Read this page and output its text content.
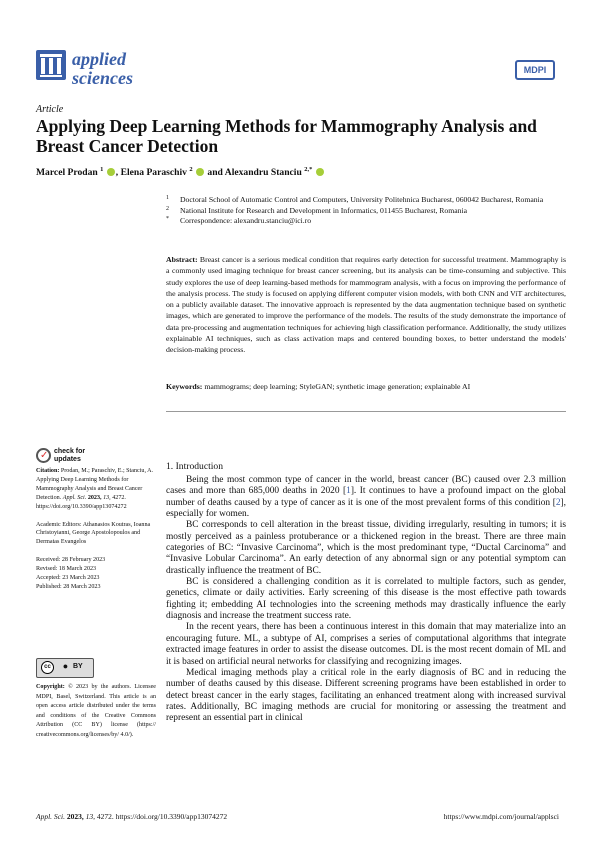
applied
sciences	MDPI
Article
Applying Deep Learning Methods for Mammography Analysis and Breast Cancer Detection
Marcel Prodan $^1$ , Elena Paraschiv $^2$  and Alexandru Stanciu $^{2,*}$
1 Doctoral School of Automatic Control and Computers, University Politehnica Bucharest, 060042 Bucharest, Romania
2 National Institute for Research and Development in Informatics, 011455 Bucharest, Romania
* Correspondence: alexandru.stanciu@ici.ro
Abstract: Breast cancer is a serious medical condition that requires early detection for successful treatment. Mammography is a commonly used imaging technique for breast cancer screening, but its analysis can be time-consuming and subjective. This study explores the use of deep learning-based methods for mammogram analysis, with a focus on improving the performance of the analysis process. The study is focused on applying different computer vision models, with both CNN and ViT architectures, on a publicly available dataset. The innovative approach is represented by the data augmentation technique based on synthetic images, which are generated to improve the performance of the models. The results of the study demonstrate the importance of data pre-processing and augmentation techniques for achieving high classification performance. Additionally, the study utilizes explainable AI techniques, such as class activation maps and centered bounding boxes, to better understand the models' decision-making process.
Keywords: mammograms; deep learning; StyleGAN; synthetic image generation; explainable AI
✓ check for
updates

Citation: Prodan, M.; Paraschiv, E.; Stanciu, A. Applying Deep Learning Methods for Mammography Analysis and Breast Cancer Detection. Appl. Sci. 2023, 13, 4272. https://doi.org/10.3390/app13074272

Academic Editors: Athanasios Koutras, Ioanna Christoyianni, George Apostolopoulos and Dermatas Evangelos

Received: 28 February 2023

Revised: 18 March 2023

Accepted: 23 March 2023

Published: 28 March 2023

cc	● BY
Copyright: © 2023 by the authors. Licensee MDPI, Basel, Switzerland. This article is an open access article distributed under the terms and conditions of the Creative Commons Attribution (CC BY) license (https:// creativecommons.org/licenses/by/ 4.0/).
1. Introduction

Being the most common type of cancer in the world, breast cancer (BC) caused over 2.3 million cases and more than 685,000 deaths in 2020 [1]. It continues to have a profound impact on the global number of deaths caused by a type of cancer as it is one of the most prevalent forms of this condition [2], especially for women.

BC corresponds to cell alteration in the breast tissue, dividing irregularly, resulting in tumors; it is mostly perceived as a painless protuberance or a thickened region in the breast. There are three main categories of BC: “Invasive Carcinoma”, which is the most predominant type, “Ductal Carcinoma” and “Invasive Lobular Carcinoma”. An early detection of any abnormal sign or any potential symptom can drastically influence the treatment of BC.

BC is considered a challenging condition as it is correlated to multiple factors, such as gender, genetics, climate or daily activities. Early screening of this disease is the most effective path towards fighting it; embedding AI technologies into the screening methods may drastically influence the early diagnosis and increase the treatment success rate.

In the recent years, there has been a continuous interest in this domain that may materialize into an encouraging future. ML, a subtype of AI, comprises a series of computational algorithms that integrate extracted image features in order to assist the disease outcomes. DL is the most recent domain of ML and it is based on artificial neural networks for classifying and recognizing images.

Medical imaging methods play a critical role in the early diagnosis of BC and in reducing the number of deaths caused by this disease. Different screening programs have been established in order to detect breast cancer in the early stages, facilitating an enhanced treatment along with increased survival rates. Additionally, BC imaging methods are crucial for monitoring or assessing the treatment and represent an essential part in clinical

Appl. Sci. 2023, 13, 4272. https://doi.org/10.3390/app13074272	https://www.mdpi.com/journal/applsci
